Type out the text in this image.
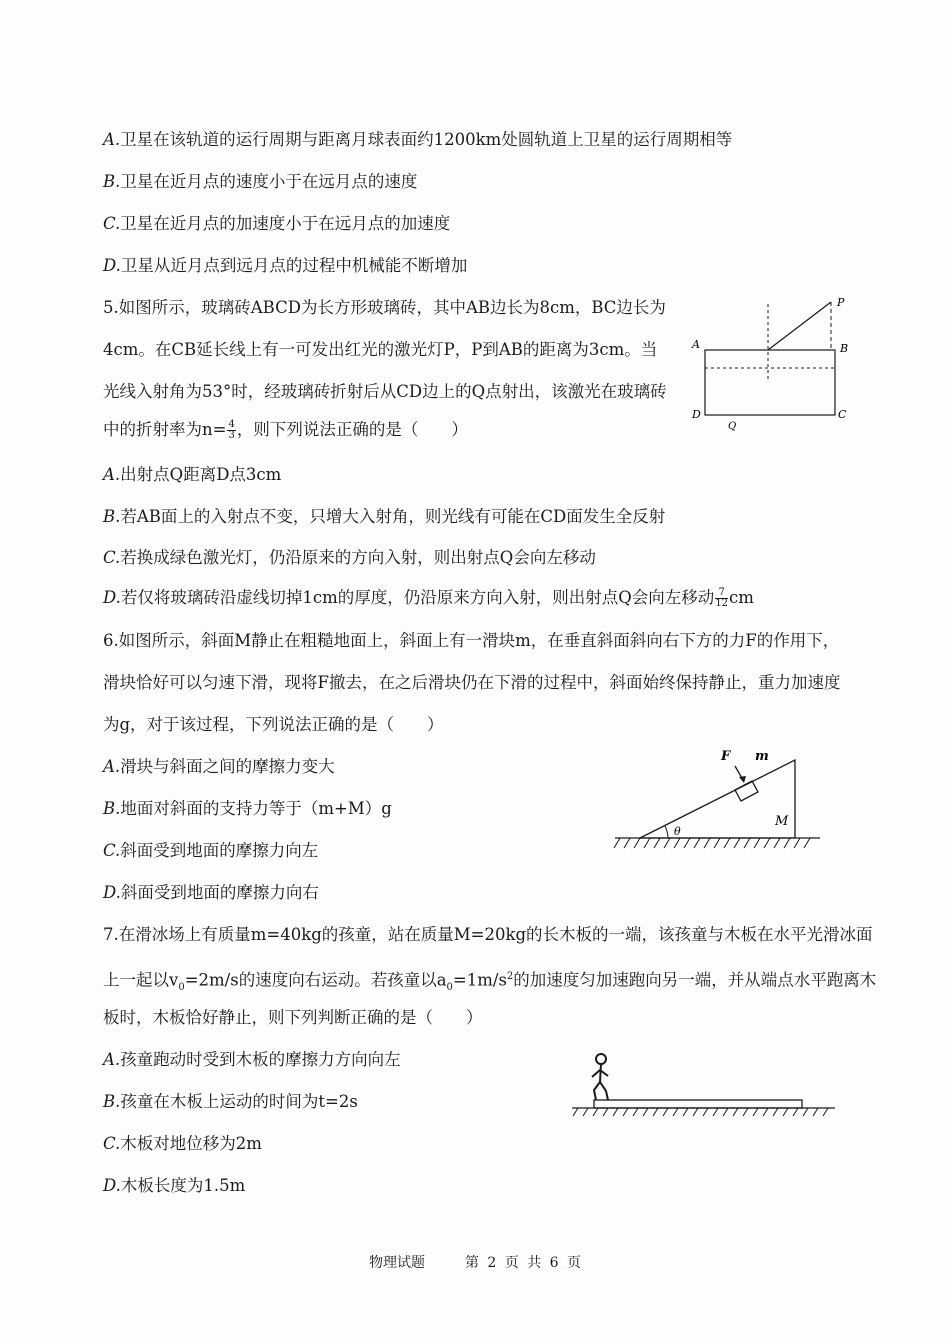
A.卫星在该轨道的运行周期与距离月球表面约1200km处圆轨道上卫星的运行周期相等
B.卫星在近月点的速度小于在远月点的速度
C.卫星在近月点的加速度小于在远月点的加速度
D.卫星从近月点到远月点的过程中机械能不断增加
5.如图所示，玻璃砖ABCD为长方形玻璃砖，其中AB边长为8cm，BC边长为
4cm。在CB延长线上有一可发出红光的激光灯P，P到AB的距离为3cm。当
光线入射角为53°时，经玻璃砖折射后从CD边上的Q点射出，该激光在玻璃砖
中的折射率为$n= \frac{4}{3}$ ，则下列说法正确的是（　　）
A.出射点Q距离D点3cm
B.若AB面上的入射点不变，只增大入射角，则光线有可能在CD面发生全反射
C.若换成绿色激光灯，仍沿原来的方向入射，则出射点Q会向左移动
D.若仅将玻璃砖沿虚线切掉1cm的厚度，仍沿原来方向入射，则出射点Q会向左移动 $\frac{7}{12}$ cm
A	B
C
D
P
Q
6.如图所示，斜面M静止在粗糙地面上，斜面上有一滑块m，在垂直斜面斜向右下方的力F的作用下，
滑块恰好可以匀速下滑，现将F撤去，在之后滑块仍在下滑的过程中，斜面始终保持静止，重力加速度
为g，对于该过程，下列说法正确的是（　　）
A.滑块与斜面之间的摩擦力变大
B.地面对斜面的支持力等于（m+M）g
C.斜面受到地面的摩擦力向左
D.斜面受到地面的摩擦力向右
F m
M
θ
7.在滑冰场上有质量m=40kg的孩童，站在质量M=20kg的长木板的一端，该孩童与木板在水平光滑冰面
上一起以$v_0=2m/s$的速度向右运动。若孩童以$a_0=1m/s^2$的加速度匀加速跑向另一端，并从端点水平跑离木
板时，木板恰好静止，则下列判断正确的是（　　）
A.孩童跑动时受到木板的摩擦力方向向左
B.孩童在木板上运动的时间为t=2s
C.木板对地位移为2m
D.木板长度为1.5m
物理试题	第 2 页 共 6 页
